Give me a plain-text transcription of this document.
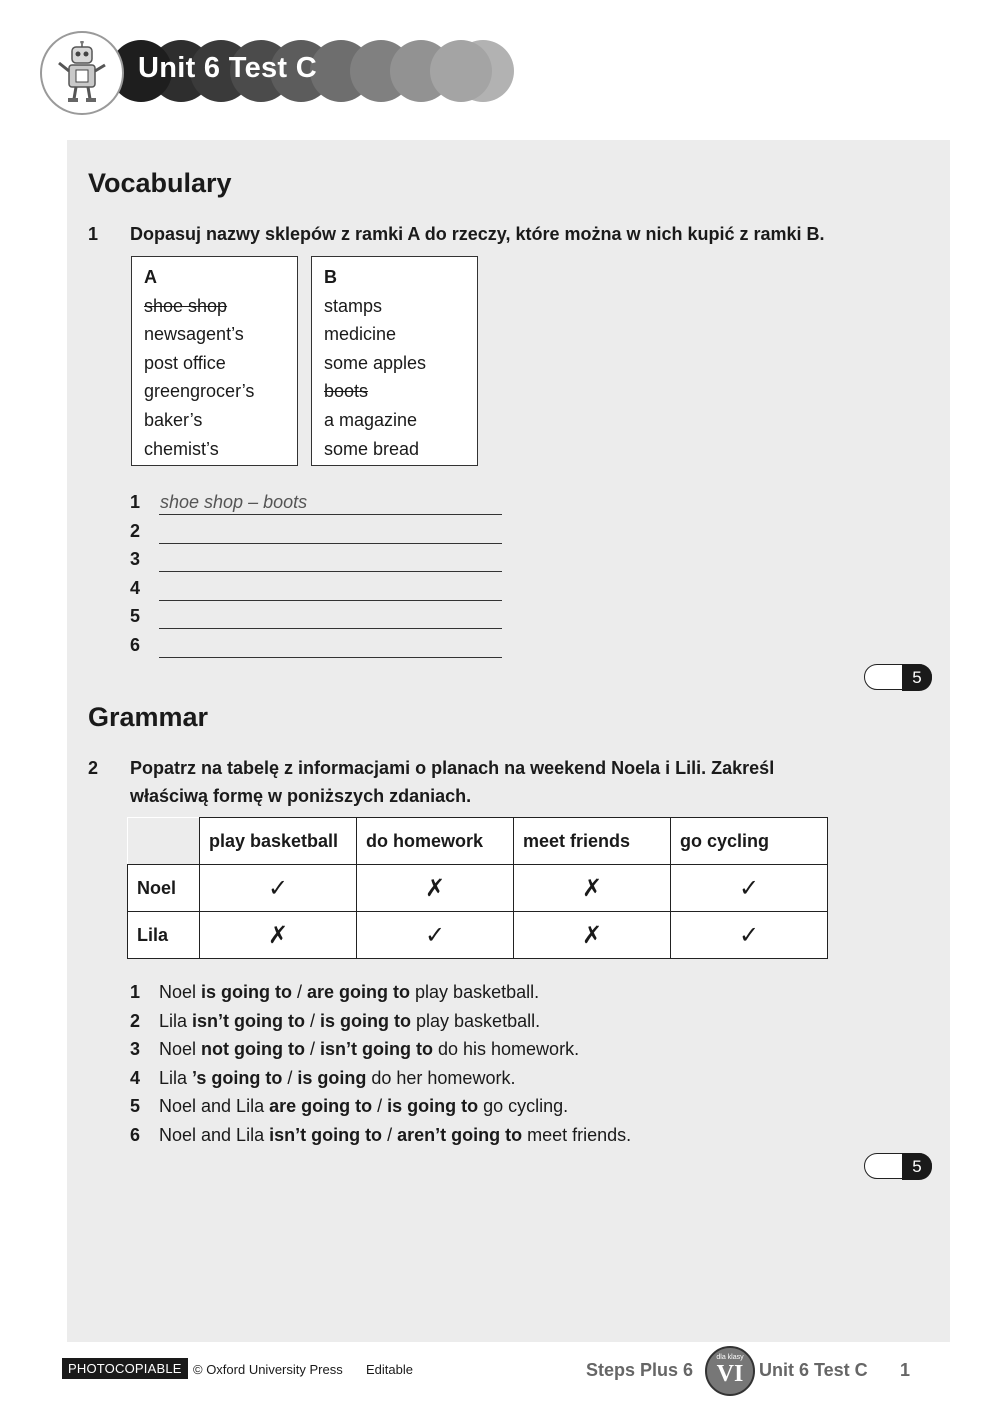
Unit 6 Test C
Vocabulary
1 Dopasuj nazwy sklepów z ramki A do rzeczy, które można w nich kupić z ramki B.
A
shoe shop
newsagent’s
post office
greengrocer’s
baker’s
chemist’s
B
stamps
medicine
some apples
boots
a magazine
some bread
1 shoe shop – boots
2
3
4
5
6
5
Grammar
2 Popatrz na tabelę z informacjami o planach na weekend Noela i Lili. Zakreśl
właściwą formę w poniższych zdaniach.
	play basketball	do homework	meet friends	go cycling
Noel	✓	✗	✗	✓
Lila	✗	✓	✗	✓
1 Noel is going to / are going to play basketball.
2 Lila isn’t going to / is going to play basketball.
3 Noel not going to / isn’t going to do his homework.
4 Lila ’s going to / is going do her homework.
5 Noel and Lila are going to / is going to go cycling.
6 Noel and Lila isn’t going to / aren’t going to meet friends.
5
PHOTOCOPIABLE © Oxford University Press Editable	Steps Plus 6
dla klasy
VI Unit 6 Test C 1
